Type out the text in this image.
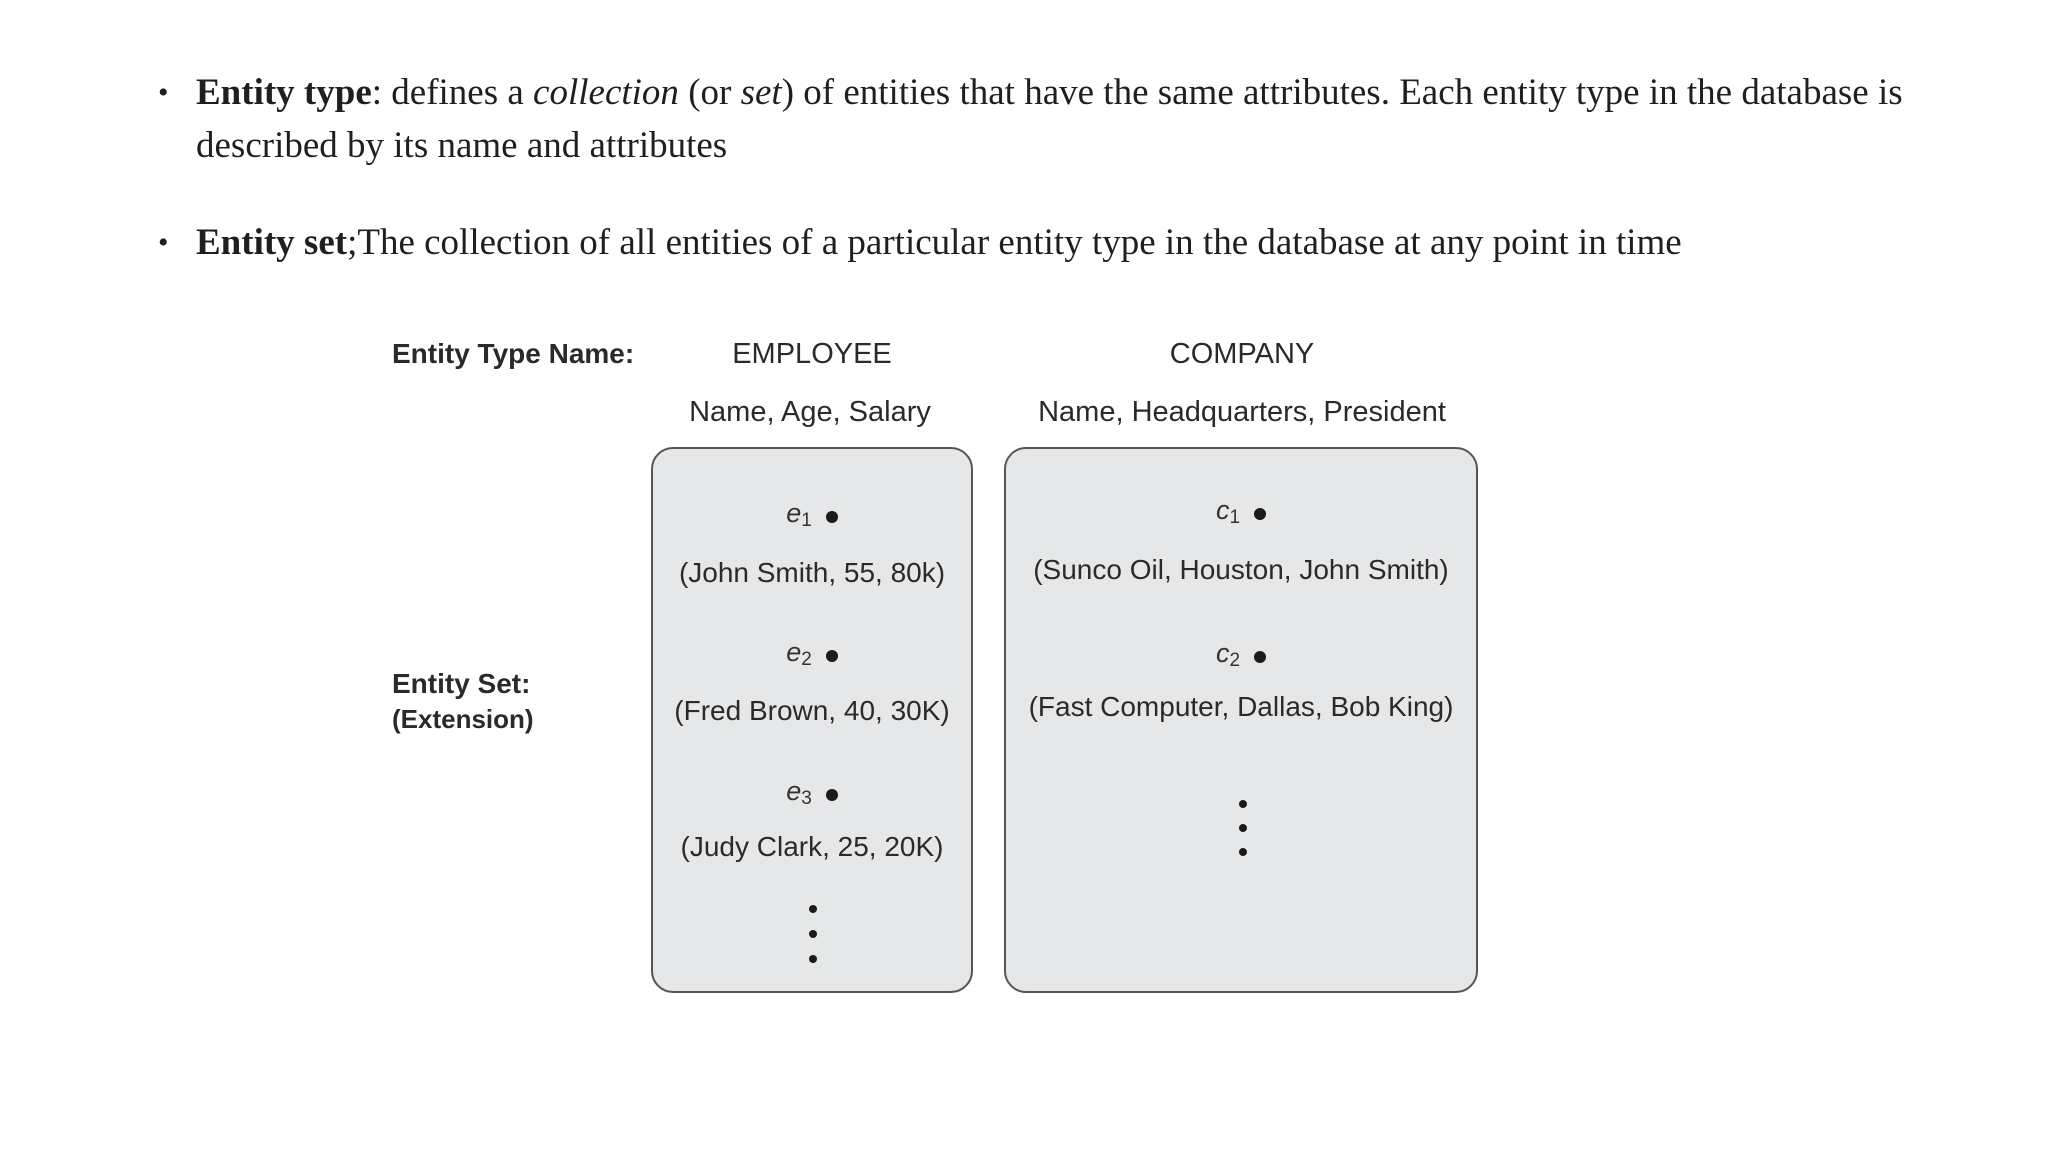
• Entity type: defines a collection (or set) of entities that have the same attributes. Each entity type in the database is described by its name and attributes
• Entity set;The collection of all entities of a particular entity type in the database at any point in time
Entity Type Name:
Entity Set:
(Extension)
EMPLOYEE
Name, Age, Salary
COMPANY
Name, Headquarters, President
e1
(John Smith, 55, 80k)
e2
(Fred Brown, 40, 30K)
e3
(Judy Clark, 25, 20K)
c1
(Sunco Oil, Houston, John Smith)
c2
(Fast Computer, Dallas, Bob King)
